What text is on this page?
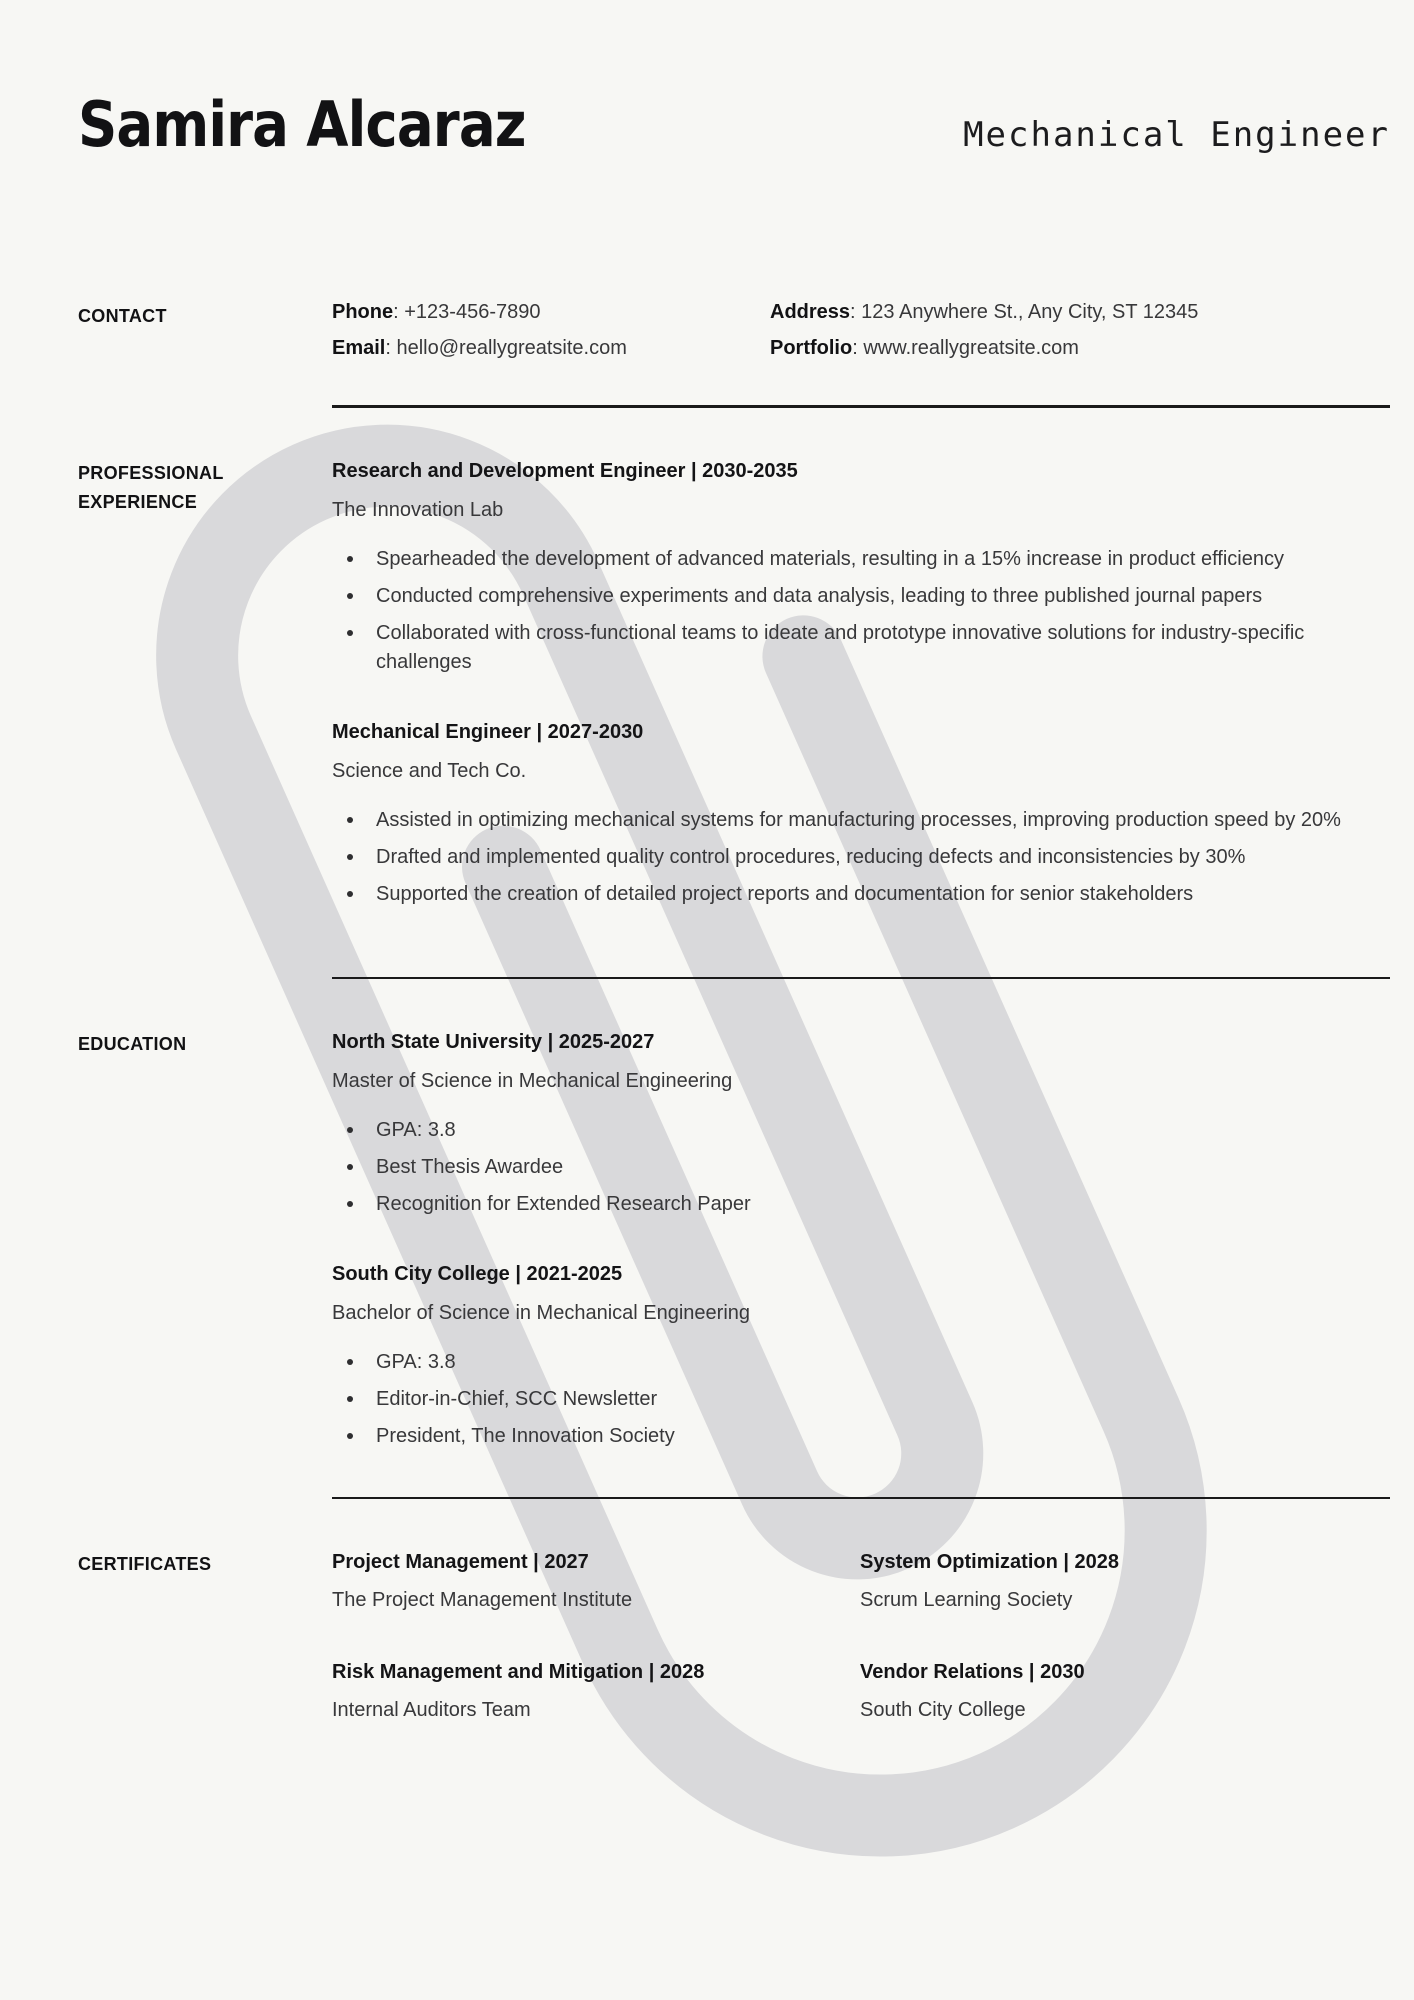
Samira Alcaraz	Mechanical Engineer
CONTACT	Phone: +123-456-7890	Address: 123 Anywhere St., Any City, ST 12345
Email: hello@reallygreatsite.com	Portfolio: www.reallygreatsite.com
PROFESSIONAL EXPERIENCE
Research and Development Engineer | 2030-2035
The Innovation Lab
Spearheaded the development of advanced materials, resulting in a 15% increase in product efficiency
Conducted comprehensive experiments and data analysis, leading to three published journal papers
Collaborated with cross-functional teams to ideate and prototype innovative solutions for industry-specific challenges
Mechanical Engineer | 2027-2030
Science and Tech Co.
Assisted in optimizing mechanical systems for manufacturing processes, improving production speed by 20%
Drafted and implemented quality control procedures, reducing defects and inconsistencies by 30%
Supported the creation of detailed project reports and documentation for senior stakeholders
EDUCATION	North State University | 2025-2027
Master of Science in Mechanical Engineering
GPA: 3.8
Best Thesis Awardee
Recognition for Extended Research Paper
South City College | 2021-2025
Bachelor of Science in Mechanical Engineering
GPA: 3.8
Editor-in-Chief, SCC Newsletter
President, The Innovation Society
CERTIFICATES	Project Management | 2027
The Project Management Institute
System Optimization | 2028
Scrum Learning Society
Risk Management and Mitigation | 2028
Internal Auditors Team
Vendor Relations | 2030
South City College
